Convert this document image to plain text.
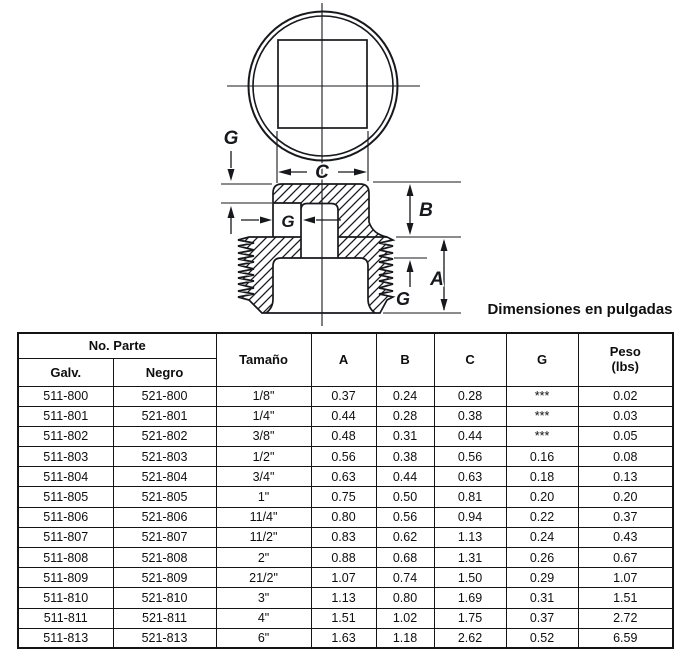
C
G
G
B
A
G
Dimensiones en pulgadas
No. Parte		Tamaño	A	B	C	G	Peso
(lbs)
Galv.	Negro						
511-800	521-800	1/8"	0.37	0.24	0.28	***	0.02
511-801	521-801	1/4"	0.44	0.28	0.38	***	0.03
511-802	521-802	3/8"	0.48	0.31	0.44	***	0.05
511-803	521-803	1/2"	0.56	0.38	0.56	0.16	0.08
511-804	521-804	3/4"	0.63	0.44	0.63	0.18	0.13
511-805	521-805	1"	0.75	0.50	0.81	0.20	0.20
511-806	521-806	11/4"	0.80	0.56	0.94	0.22	0.37
511-807	521-807	11/2"	0.83	0.62	1.13	0.24	0.43
511-808	521-808	2"	0.88	0.68	1.31	0.26	0.67
511-809	521-809	21/2"	1.07	0.74	1.50	0.29	1.07
511-810	521-810	3"	1.13	0.80	1.69	0.31	1.51
511-811	521-811	4"	1.51	1.02	1.75	0.37	2.72
511-813	521-813	6"	1.63	1.18	2.62	0.52	6.59
